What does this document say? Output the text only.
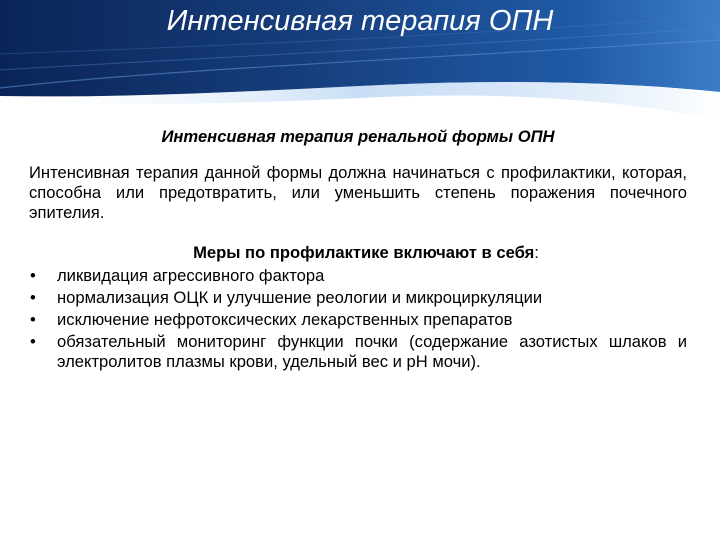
Интенсивная терапия ОПН
Интенсивная терапия ренальной формы ОПН
Интенсивная терапия данной формы должна начинаться с профилактики, которая, способна или предотвратить, или уменьшить степень поражения почечного эпителия.
Меры по профилактике включают в себя:
•	ликвидация агрессивного фактора
•	нормализация ОЦК и улучшение реологии и микроциркуляции
•	исключение нефротоксических лекарственных препаратов
•	обязательный мониторинг функции почки (содержание азотистых шлаков и электролитов плазмы крови, удельный вес и рН мочи).
